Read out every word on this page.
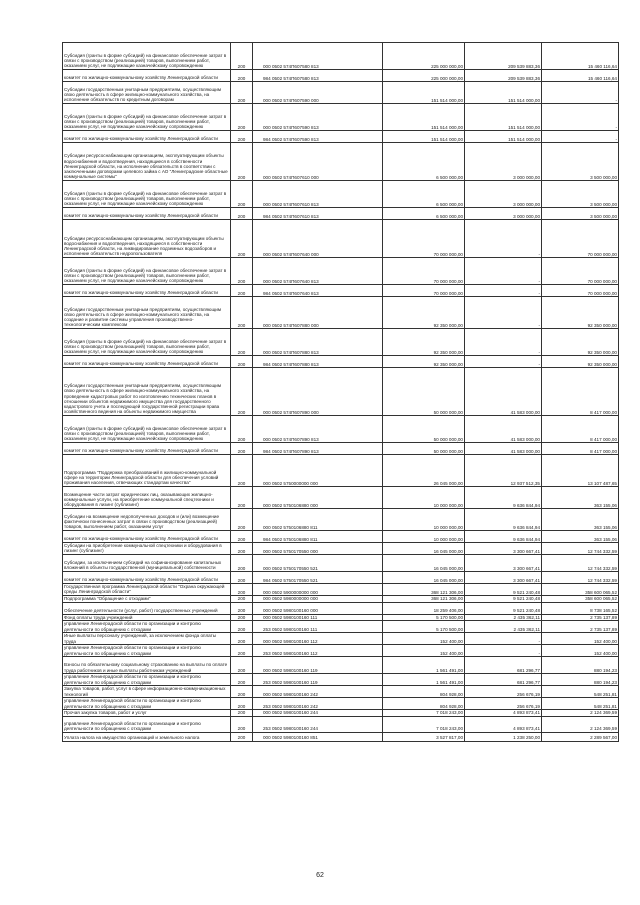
Субсидия (гранты в форме субсидий) на финансовое обеспечение затрат в связи с производством (реализацией) товаров, выполнением работ, оказанием услуг, не подлежащие казначейскому сопровождению	200	000 0502 574П607580 813	225 000 000,00	209 539 883,36	15 460 116,64
комитет по жилищно-коммунальному хозяйству Ленинградской области	200	984 0502 574П607580 813	225 000 000,00	209 539 883,36	15 460 116,64
Субсидии государственным унитарным предприятиям, осуществляющим свою деятельность в сфере жилищно-коммунального хозяйства, на исполнение обязательств по кредитным договорам	200	000 0502 574П607590 000	151 514 000,00	151 514 000,00	-
Субсидия (гранты в форме субсидий) на финансовое обеспечение затрат в связи с производством (реализацией) товаров, выполнением работ, оказанием услуг, не подлежащие казначейскому сопровождению	200	000 0502 574П607590 813	151 514 000,00	151 514 000,00	-
комитет по жилищно-коммунальному хозяйству Ленинградской области	200	984 0502 574П607590 813	151 514 000,00	151 514 000,00	-
Субсидии ресурсоснабжающим организациям, эксплуатирующим объекты водоснабжения и водоотведения, находящиеся в собственности Ленинградской области, на исполнение обязательств в соответствии с заключенными договорами целевого займа с АО "Ленинградские областные коммунальные системы"	200	000 0502 574П607610 000	6 500 000,00	3 000 000,00	3 500 000,00
Субсидия (гранты в форме субсидий) на финансовое обеспечение затрат в связи с производством (реализацией) товаров, выполнением работ, оказанием услуг, не подлежащие казначейскому сопровождению	200	000 0502 574П607610 813	6 500 000,00	3 000 000,00	3 500 000,00
комитет по жилищно-коммунальному хозяйству Ленинградской области	200	984 0502 574П607610 813	6 500 000,00	3 000 000,00	3 500 000,00
Субсидии ресурсоснабжающим организациям, эксплуатирующим объекты водоснабжения и водоотведения, находящиеся в собственности Ленинградской области, на ликвидирование подземных водозаборов и исполнение обязательств недропользователя	200	000 0502 574П607640 000	70 000 000,00	-	70 000 000,00
Субсидия (гранты в форме субсидий) на финансовое обеспечение затрат в связи с производством (реализацией) товаров, выполнением работ, оказанием услуг, не подлежащие казначейскому сопровождению	200	000 0502 574П607640 813	70 000 000,00	-	70 000 000,00
комитет по жилищно-коммунальному хозяйству Ленинградской области	200	984 0502 574П607640 813	70 000 000,00	-	70 000 000,00
Субсидии государственным унитарным предприятиям, осуществляющим свою деятельность в сфере жилищно-коммунального хозяйства, на создание и развитие системы управления производственно-технологическим комплексом	200	000 0502 574П607880 000	92 350 000,00	-	92 350 000,00
Субсидия (гранты в форме субсидий) на финансовое обеспечение затрат в связи с производством (реализацией) товаров, выполнением работ, оказанием услуг, не подлежащие казначейскому сопровождению	200	000 0502 574П607880 813	92 350 000,00	-	92 350 000,00
комитет по жилищно-коммунальному хозяйству Ленинградской области	200	984 0502 574П607880 813	92 350 000,00	-	92 350 000,00
Субсидии государственным унитарным предприятиям, осуществляющим свою деятельность в сфере жилищно-коммунального хозяйства, на проведение кадастровых работ по изготовлению технических планов в отношении объектов недвижимого имущества для государственного кадастрового учета и последующей государственной регистрации права хозяйственного ведения на объекты недвижимого имущества	200	000 0502 574П607890 000	50 000 000,00	41 583 000,00	8 417 000,00
Субсидия (гранты в форме субсидий) на финансовое обеспечение затрат в связи с производством (реализацией) товаров, выполнением работ, оказанием услуг, не подлежащие казначейскому сопровождению	200	000 0502 574П607890 813	50 000 000,00	41 583 000,00	8 417 000,00
комитет по жилищно-коммунальному хозяйству Ленинградской области	200	984 0502 574П607890 813	50 000 000,00	41 583 000,00	8 417 000,00
Подпрограмма "Поддержка преобразований в жилищно-коммунальной сфере на территории Ленинградской области для обеспечения условий проживания населения, отвечающих стандартам качества"	200	000 0502 5750000000 000	26 045 000,00	12 937 512,35	13 107 487,65
Возмещение части затрат юридических лиц, оказывающих жилищно-коммунальные услуги, на приобретение коммунальной спецтехники и оборудования в лизинг (сублизинг)	200	000 0502 5750106880 000	10 000 000,00	9 636 844,94	363 155,06
Субсидии на возмещение недополученных доходов и (или) возмещение фактически понесенных затрат в связи с производством (реализацией) товаров, выполнением работ, оказанием услуг	200	000 0502 5750106880 811	10 000 000,00	9 636 844,94	363 155,06
комитет по жилищно-коммунальному хозяйству Ленинградской области	200	984 0502 5750106880 811	10 000 000,00	9 636 844,94	363 155,06
Субсидии на приобретение коммунальной спецтехники и оборудования в лизинг (сублизинг)	200	000 0502 5750170550 000	16 045 000,00	3 300 667,41	12 744 332,59
Субсидии, за исключением субсидий на софинансирование капитальных вложений в объекты государственной (муниципальной) собственности	200	000 0502 5750170550 521	16 045 000,00	3 300 667,41	12 744 332,59
комитет по жилищно-коммунальному хозяйству Ленинградской области	200	984 0502 5750170550 521	16 045 000,00	3 300 667,41	12 744 332,59
Государственная программа Ленинградской области "Охрана окружающей среды Ленинградской области"	200	000 0502 5900000000 000	368 121 306,00	9 521 240,48	358 600 065,52
Подпрограмма "Обращение с отходами"	200	000 0502 5980000000 000	368 121 306,00	9 521 240,48	358 600 065,52
Обеспечение деятельности (услуг, работ) государственных учреждений	200	000 0502 5980100160 000	18 259 406,00	9 521 240,48	8 738 165,52
Фонд оплаты труда учреждений	200	000 0502 5980100160 111	5 170 500,00	2 435 362,11	2 735 137,89
управление Ленинградской области по организации и контролю деятельности по обращению с отходами	200	253 0502 5980100160 111	5 170 500,00	2 435 362,11	2 735 137,89
Иные выплаты персоналу учреждений, за исключением фонда оплаты труда	200	000 0502 5980100160 112	152 400,00	-	152 400,00
управление Ленинградской области по организации и контролю деятельности по обращению с отходами	200	253 0502 5980100160 112	152 400,00	-	152 400,00
Взносы по обязательному социальному страхованию на выплаты по оплате труда работников и иные выплаты работникам учреждений	200	000 0502 5980100160 119	1 561 491,00	681 296,77	880 194,23
управление Ленинградской области по организации и контролю деятельности по обращению с отходами	200	253 0502 5980100160 119	1 561 491,00	681 296,77	880 194,23
Закупка товаров, работ, услуг в сфере информационно-коммуникационных технологий	200	000 0502 5980100160 242	804 928,00	256 676,19	548 251,81
управление Ленинградской области по организации и контролю деятельности по обращению с отходами	200	253 0502 5980100160 242	804 928,00	256 676,19	548 251,81
Прочая закупка товаров, работ и услуг	200	000 0502 5980100160 244	7 018 243,00	4 893 873,41	2 124 369,59
управление Ленинградской области по организации и контролю деятельности по обращению с отходами	200	253 0502 5980100160 244	7 018 243,00	4 893 873,41	2 124 369,59
Уплата налога на имущество организаций и земельного налога	200	000 0502 5980100160 851	3 527 817,00	1 238 250,00	2 289 567,00
62
